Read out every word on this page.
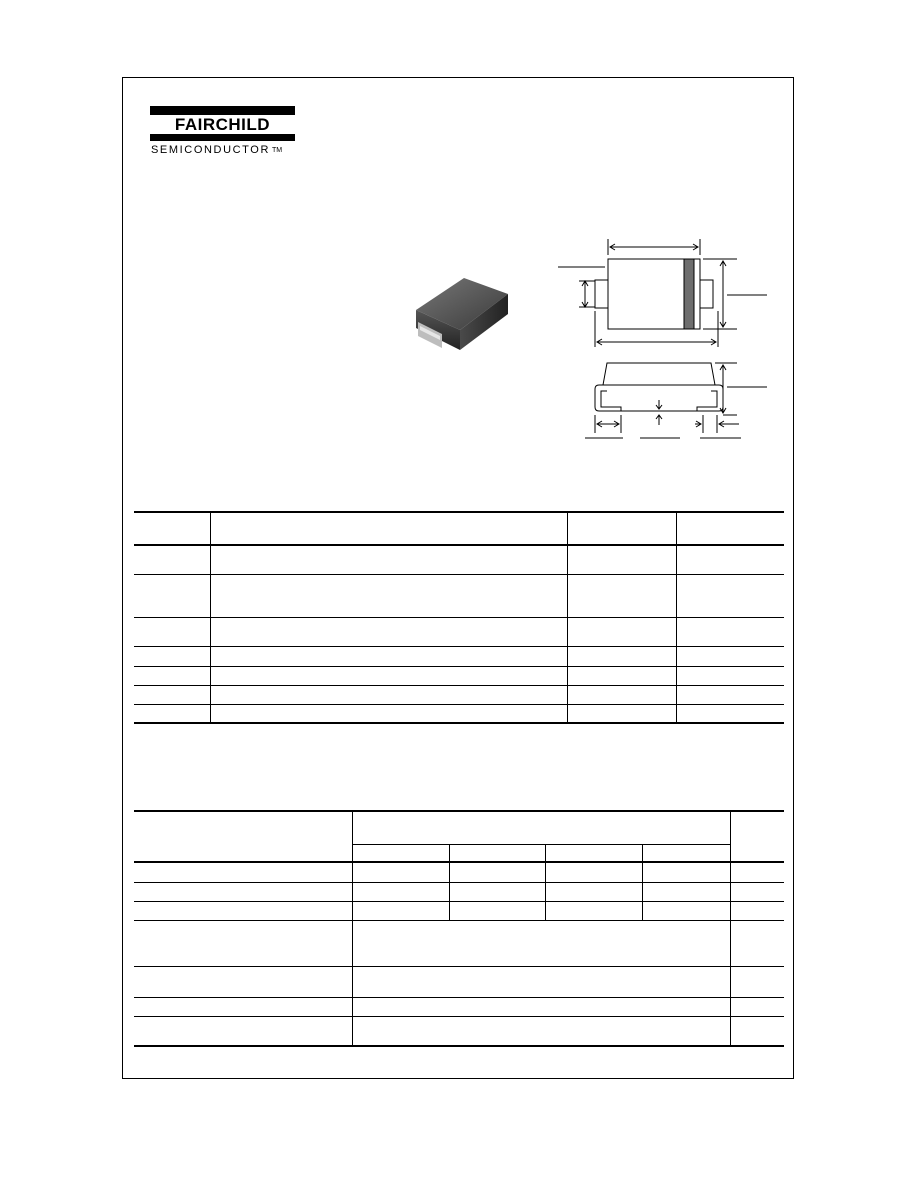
FAIRCHILD
SEMICONDUCTOR TM
